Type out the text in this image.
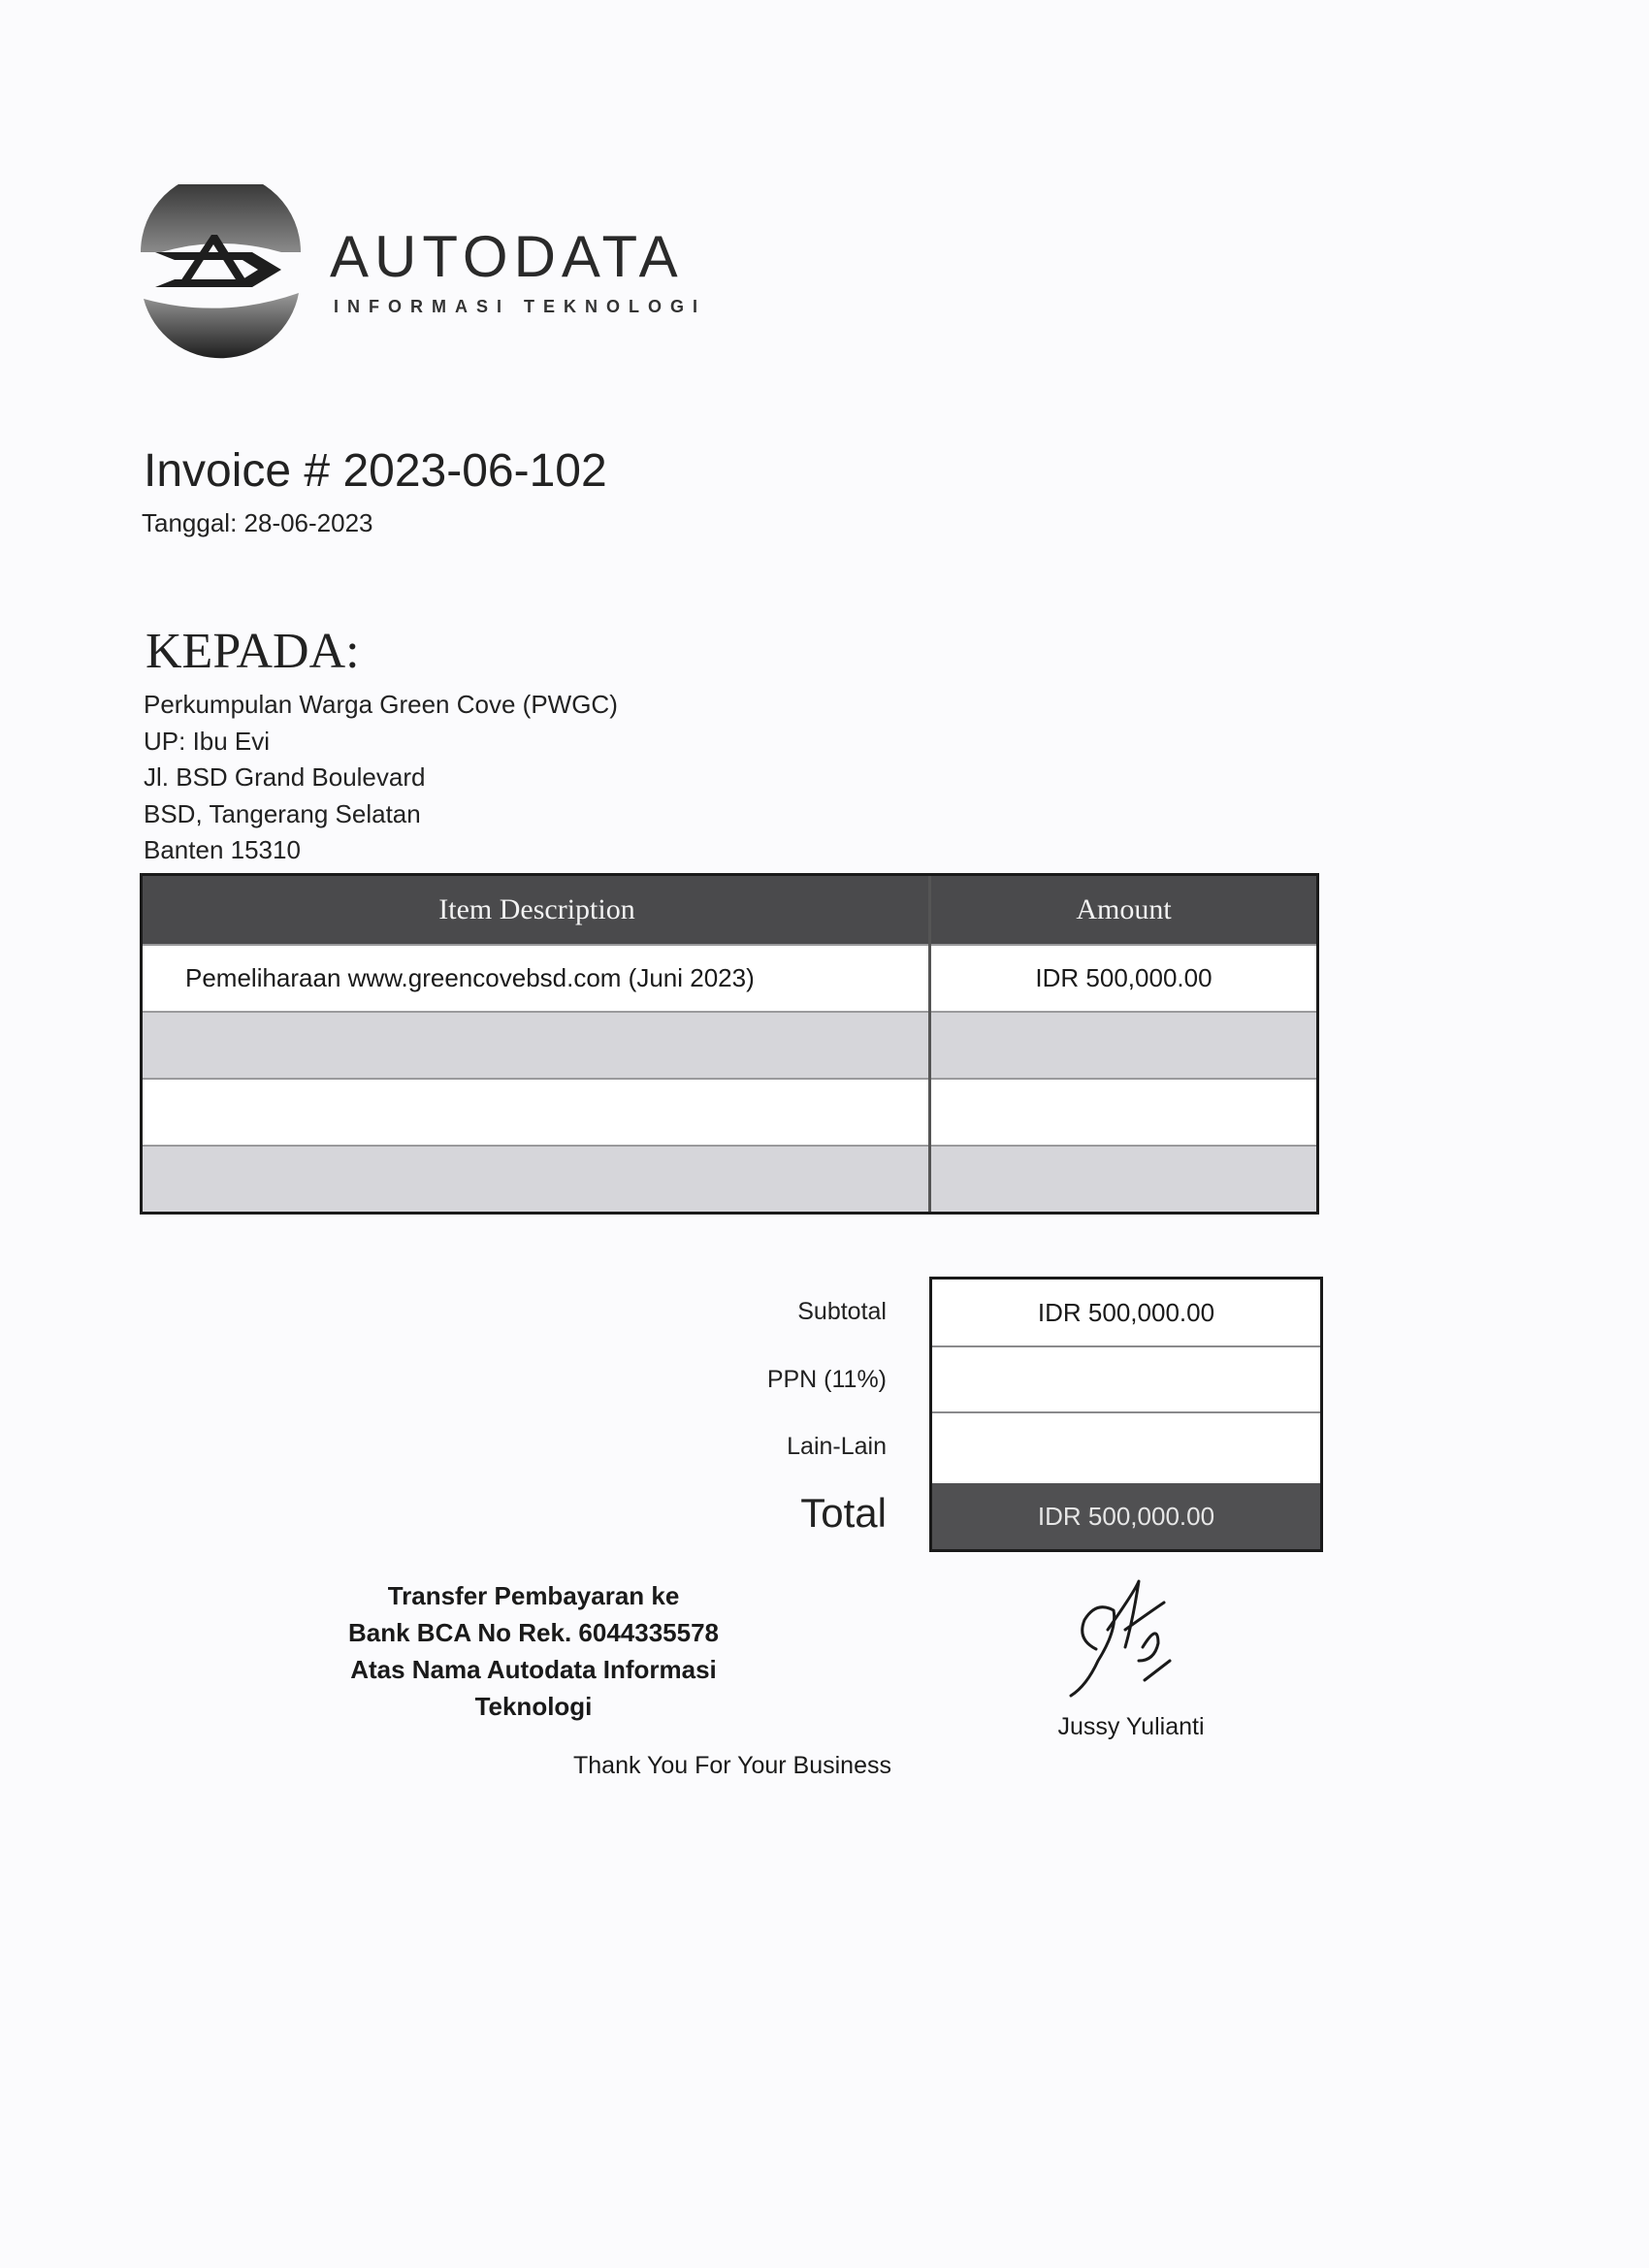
AUTODATA
INFORMASI TEKNOLOGI
Invoice # 2023-06-102
Tanggal: 28-06-2023
KEPADA:
Perkumpulan Warga Green Cove (PWGC)
UP: Ibu Evi
Jl. BSD Grand Boulevard
BSD, Tangerang Selatan
Banten 15310
Item Description	Amount
Pemeliharaan www.greencovebsd.com (Juni 2023)	IDR 500,000.00
Subtotal
PPN (11%)
Lain-Lain
Total
IDR 500,000.00
IDR 500,000.00
Transfer Pembayaran ke
Bank BCA No Rek. 6044335578
Atas Nama Autodata Informasi Teknologi
Jussy Yulianti
Thank You For Your Business
